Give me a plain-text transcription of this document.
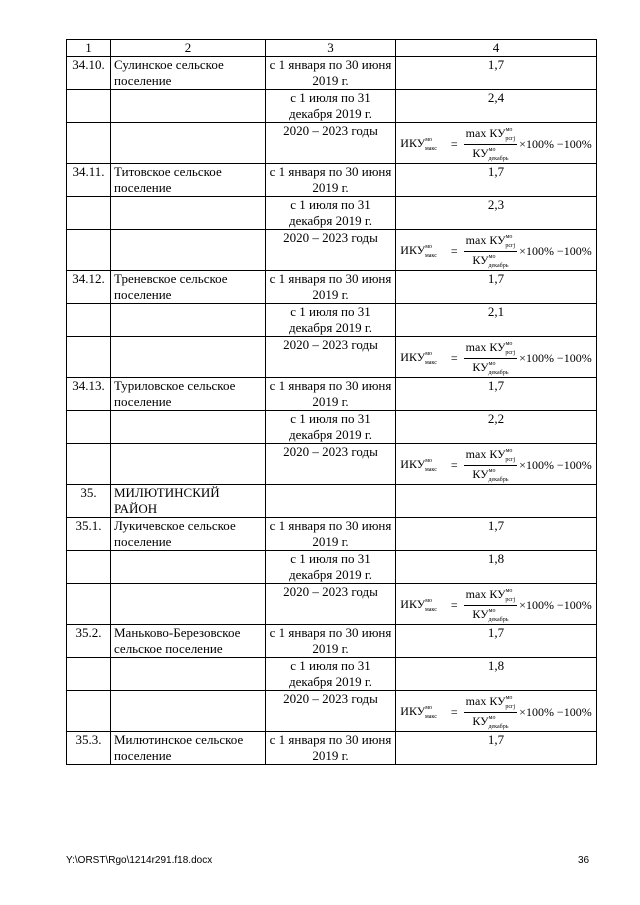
1	2	3	4
34.10.	Сулинское сельское поселение	с 1 января по 30 июня 2019 г.	1,7
		с 1 июля по 31 декабря 2019 г.	2,4
		2020 – 2023 годы	$ИКУ^{мо}_{макс} = \frac{\max КУ^{мо}_{рсгj}}{КУ^{мо}_{декабрь}} \times 100\% -100\%$

34.11.	Титовское сельское поселение	с 1 января по 30 июня 2019 г.	1,7
		с 1 июля по 31 декабря 2019 г.	2,3
		2020 – 2023 годы	$ИКУ^{мо}_{макс} = \frac{\max КУ^{мо}_{рсгj}}{КУ^{мо}_{декабрь}} \times 100\% -100\%$

34.12.	Треневское сельское поселение	с 1 января по 30 июня 2019 г.	1,7
		с 1 июля по 31 декабря 2019 г.	2,1
		2020 – 2023 годы	$ИКУ^{мо}_{макс} = \frac{\max КУ^{мо}_{рсгj}}{КУ^{мо}_{декабрь}} \times 100\% -100\%$

34.13.	Туриловское сельское поселение	с 1 января по 30 июня 2019 г.	1,7
		с 1 июля по 31 декабря 2019 г.	2,2
		2020 – 2023 годы	$ИКУ^{мо}_{макс} = \frac{\max КУ^{мо}_{рсгj}}{КУ^{мо}_{декабрь}} \times 100\% -100\%$

35.	МИЛЮТИНСКИЙ РАЙОН		
35.1.	Лукичевское сельское поселение	с 1 января по 30 июня 2019 г.	1,7
		с 1 июля по 31 декабря 2019 г.	1,8
		2020 – 2023 годы	$ИКУ^{мо}_{макс} = \frac{\max КУ^{мо}_{рсгj}}{КУ^{мо}_{декабрь}} \times 100\% -100\%$

35.2.	Маньково-Березовское сельское поселение	с 1 января по 30 июня 2019 г.	1,7
		с 1 июля по 31 декабря 2019 г.	1,8
		2020 – 2023 годы	$ИКУ^{мо}_{макс} = \frac{\max КУ^{мо}_{рсгj}}{КУ^{мо}_{декабрь}} \times 100\% -100\%$

35.3.	Милютинское сельское поселение	с 1 января по 30 июня 2019 г.	1,7
Y:\ORST\Rgo\1214r291.f18.docx	36
